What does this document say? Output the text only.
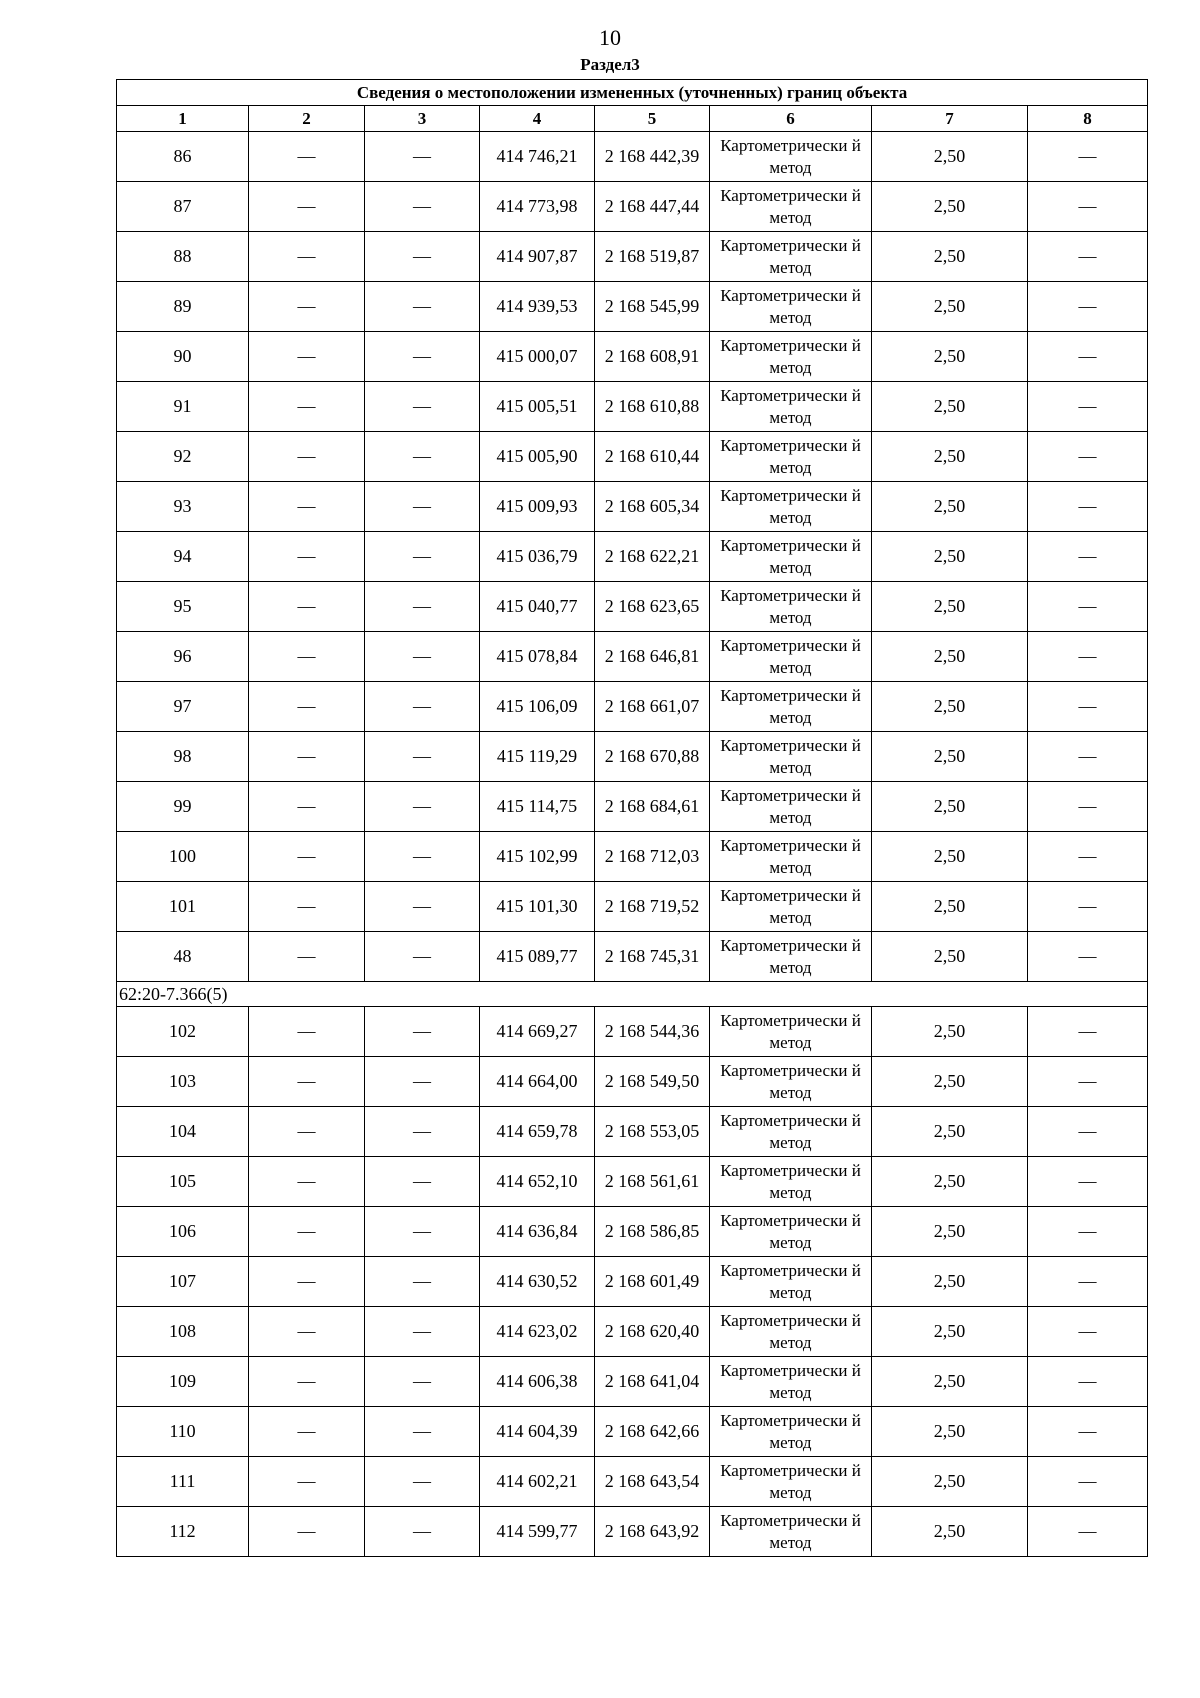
10
Раздел3
Сведения о местоположении измененных (уточненных) границ объекта							
1	2	3	4	5	6	7	8
86	—	—	414 746,21	2 168 442,39	Картометрически й метод	2,50	—
87	—	—	414 773,98	2 168 447,44	Картометрически й метод	2,50	—
88	—	—	414 907,87	2 168 519,87	Картометрически й метод	2,50	—
89	—	—	414 939,53	2 168 545,99	Картометрически й метод	2,50	—
90	—	—	415 000,07	2 168 608,91	Картометрически й метод	2,50	—
91	—	—	415 005,51	2 168 610,88	Картометрически й метод	2,50	—
92	—	—	415 005,90	2 168 610,44	Картометрически й метод	2,50	—
93	—	—	415 009,93	2 168 605,34	Картометрически й метод	2,50	—
94	—	—	415 036,79	2 168 622,21	Картометрически й метод	2,50	—
95	—	—	415 040,77	2 168 623,65	Картометрически й метод	2,50	—
96	—	—	415 078,84	2 168 646,81	Картометрически й метод	2,50	—
97	—	—	415 106,09	2 168 661,07	Картометрически й метод	2,50	—
98	—	—	415 119,29	2 168 670,88	Картометрически й метод	2,50	—
99	—	—	415 114,75	2 168 684,61	Картометрически й метод	2,50	—
100	—	—	415 102,99	2 168 712,03	Картометрически й метод	2,50	—
101	—	—	415 101,30	2 168 719,52	Картометрически й метод	2,50	—
48	—	—	415 089,77	2 168 745,31	Картометрически й метод	2,50	—
62:20-7.366(5)							
102	—	—	414 669,27	2 168 544,36	Картометрически й метод	2,50	—
103	—	—	414 664,00	2 168 549,50	Картометрически й метод	2,50	—
104	—	—	414 659,78	2 168 553,05	Картометрически й метод	2,50	—
105	—	—	414 652,10	2 168 561,61	Картометрически й метод	2,50	—
106	—	—	414 636,84	2 168 586,85	Картометрически й метод	2,50	—
107	—	—	414 630,52	2 168 601,49	Картометрически й метод	2,50	—
108	—	—	414 623,02	2 168 620,40	Картометрически й метод	2,50	—
109	—	—	414 606,38	2 168 641,04	Картометрически й метод	2,50	—
110	—	—	414 604,39	2 168 642,66	Картометрически й метод	2,50	—
111	—	—	414 602,21	2 168 643,54	Картометрически й метод	2,50	—
112	—	—	414 599,77	2 168 643,92	Картометрически й метод	2,50	—
